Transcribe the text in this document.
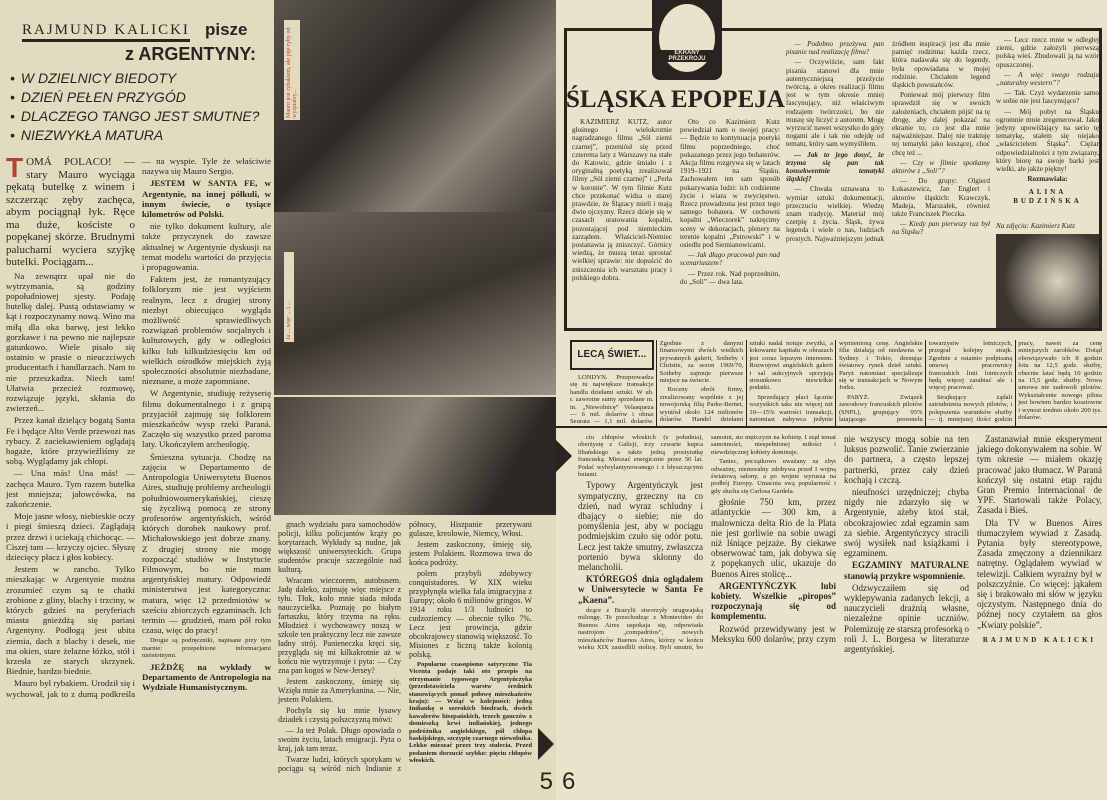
RAJMUND KALICKI pisze
z ARGENTYNY:
• W DZIELNICY BIEDOTY
• DZIEŃ PEŁEN PRZYGÓD
• DLACZEGO TANGO JEST SMUTNE?
• NIEZWYKŁA MATURA
Mauro jest rybakiem, ale pije ryby od wyspiarzy...
Ja ... więc ... i ...

TOMÁ POLACO! — stary Mauro wyciąga pękatą butelkę z winem i szczerząc zęby zachęca, abym pociągnął łyk. Ręce ma duże, kościste o popękanej skórze. Brudnymi paluchami wyciera szyjkę butelki. Pociągam...

Na zewnątrz upał nie do wytrzymania, są godziny popołudniowej sjesty. Podaję butelkę dalej. Pustą odstawiamy w kąt i rozpoczynamy nową. Wino ma miłą dla oka barwę, jest lekko gorzkawe i na pewno nie najlepsze gatunkowo. Wiele pisało się ostatnio w prasie o nieuczciwych producentach i handlarzach. Nam to nie przeszkadza. Niech tam! Ułatwia przecież rozmowę, rozwiązuje języki, skłania do zwierzeń...

Przez kanał dzielący bogatą Santa Fe i będące Alto Verde przewozi nas rybacy. Z zaciekawieniem oglądają bagaże, które przywieźliśmy ze sobą. Wyglądamy jak chłopi.

— Una más! Una más! — zachęca Mauro. Tym razem butelka jest mniejsza; jałowcówka, na zakończenie.

Moje jasne włosy, niebieskie oczy i piegi śmieszą dzieci. Zaglądają przez drzwi i uciekają chichocąc. — Ciszej tam — krzyczy ojciec. Słyszę dziecięcy płacz i głos kobiecy.

Jestem w rancho. Tylko mieszkając w Argentynie można zrozumieć czym są te chatki zrobione z gliny, blachy i trzciny, w których gdzieś na peryferiach miasta gnieżdżą się pariasi Argentyny. Podłogą jest ubita ziemia, dach z blachy i desek, nie ma okien, stare żelazne łóżko, stół i krzesła ze starych skrzynek. Biednie, bardzo biednie.

Mauro był rybakiem. Urodził się i wychował, jak to z dumą podkreśla — na wyspie. Tyle że właściwie nazywa się Mauro Sergio.

JESTEM W SANTA FE, w Argentynie, na innej półkuli, w innym świecie, o tysiące kilometrów od Polski.

nie tylko dokument kultury, ale także przyczynek do zawsze aktualnej w Argentynie dyskusji na temat modelu wartości do przyjęcia i propagowania.

Faktem jest, że romantyzujący folkloryzm nie jest wyjściem realnym, lecz z drugiej strony niezbyt obiecująco wygląda możliwość sprawiedliwych rozwiązań problemów socjalnych i kulturowych, gdy w odległości kilku lub kilkudziesięciu km od wielkich ośrodków miejskich żyją społeczności absolutnie niezbadane, nieznane, a może zapomniane.

W Argentynie, studiuję reżyserię filmu dokumentalnego i z grupą przyjaciół zajmuję się folklorem mieszkańców wysp rzeki Paraná. Zaczęło się wszystko przed paroma laty. Ukończyłem archeologię.

Śmieszna sytuacja. Chodzę na zajęcia w Departamento de Antropologia Uniwersytetu Buenos Aires, studiuję problemy archeologii południowoamerykańskiej, cieszę się życzliwą pomocą ze strony profesorów argentyńskich, wśród których dorobek naukowy prof. Michałowskiego jest dobrze znany. Z drugiej strony nie mogę rozpocząć studiów w Instytucie Filmowym, bo nie mam argentyńskiej matury. Odpowiedź ministerstwa jest kategoryczna: matura, więc 12 przedmiotów w sześciu zbiorczych egzaminach. Ich termin — grudzień, mam pół roku czasu, więc do pracy!

Drogie są podręczniki, napisane przy tym marnie: przepełnione informacjami nieistotnymi.

JEŻDŻĘ na wykłady w Departamento de Antropologia na Wydziale Humanistycznym.

gnach wydziału para samochodów policji, kilku policjantów krąży po korytarzach. Wykłady są nudne, jak większość uniwersyteckich. Grupa studentów pracuje szczególnie nad kulturą.

Wracam wieczorem, autobusem. Jadę daleko, zajmuję więc miejsce z tyłu. Tłok, koło mnie siada młoda nauczycielka. Poznaję po białym fartuszku, który trzyma na ręku. Młodzież i wychowawcy noszą w szkole ten praktyczny lecz nie zawsze ładny strój. Panieneczka kręci się, przygląda się mi kilkakrotnie aż w końcu nie wytrzymuje i pyta: — Czy zna pan kogoś w New-Jersey?

Jestem zaskoczony, śmieję się. Wzięła mnie za Amerykanina. — Nie, jestem Polakiem.

Pochyla się ku mnie łysawy dziadek i czystą polszczyzną mówi:

— Ja też Polak. Długo opowiada o swoim życiu, latach emigracji. Pyta o kraj, jak tam teraz.

Twarze ludzi, których spotykam w pociągu są wśród nich Indianie z północy, Hiszpanie przerywani gulasze, kreolowie, Niemcy, Włosi.

Jestem zaskoczony, śmieję się, jestem Polakiem. Rozmowa trwa do końca podróży.

polem przybyli zdobywcy conquistadores. W XIX wieku przypłynęła wielka fala imigracyjna z Europy; około 6 milionów gringos. W 1914 roku 1/3 ludności to cudzoziemcy — obecnie tylko 7%. Lecz jest prowincja, gdzie obcokrajowcy stanowią większość. To Misiones z liczną także kolonią polską.

Popularne czasopismo satyryczne Tia Vicenta podaje taki oto przepis na otrzymanie typowego Argentyńczyka (przedstawiciela warstw średnich stanowiących ponad połowę mieszkańców kraju): — Wziąć w kolejności: jedną Indiankę o szerokich biodrach, dwóch kawalerów hiszpańskich, trzech gauczów z domieszką krwi indiańskiej, jednego podróżnika angielskiego, pół chłopa baskijskiego, szczyptę czarnego niewolnika. Lekko mieszać przez trzy stulecia. Przed podaniem dorzucić szybko: pięciu chłopów włoskich.

5
EKRANY PRZEKROJU
ŚLĄSKA EPOPEJA

KAZIMIERZ KUTZ, autor głośnego i wielokrotnie nagradzanego filmu „Sól ziemi czarnej”, przeniósł się przed czterema laty z Warszawy na stałe do Katowic, gdzie śmiało i z oryginalną poetyką zrealizował filmy „Sól ziemi czarnej” i „Perła w koronie”. W tym filmie Kutz chce przekonać widza o starej prawdzie, że Ślązacy mieli i mają dwie ojczyzny. Rzecz dzieje się w czasach uratowania kopalni, pozostającej pod niemieckim zarządem. Właściciel-Niemiec postanawia ją zniszczyć. Górnicy wiedzą, że muszą teraz sprostać wielkiej sprawie: nie dopuścić do zniszczenia ich warsztatu pracy i polskiego dobra.

Oto co Kazimierz Kutz powiedział nam o swojej pracy: — Będzie to kontynuacja poetyki filmu poprzedniego, choć pokazanego przez jego bohaterów. Akcja filmu rozgrywa się w latach 1919–1921 na Śląsku. Zachowałem ten sam sposób pokazywania ludzi: ich codzienne życie i wiara w zwycięstwo. Rzecz prowadzona jest przez tego samego bohatera. W cechowni kopalni „Wieczorek” nakręcimy sceny w dekoracjach, plenery na terenie kopalni „Pstrowski” i w osiedlu pod Siemianowicami.

— Jak długo pracował pan nad scenariuszem?

— Przez rok. Nad poprzednim, do „Soli” — dwa lata.

— Podobno przeżywa pan pisanie nad realizację filmu?

— Oczywiście, sam fakt pisania stanowi dla mnie autentyczniejszą przeżycie twórczą, a okres realizacji filmu jest w tym okresie mniej fascynujący, niż właściwym rodzajem twórczości, bo nie muszę się liczyć z autorem. Mogę wyrzucić nawet wszystko do góry nogami ale i tak nie odejdę od tematu, który sam wymyśliłem.

— Jak to jego dosyć, że trzyma się pan tak konsekwentnie tematyki śląskiej?

— Chwała uznawana to wymiar sztuki dokumentacji, przeczuciu wielkiej. Wiedzę znam tradycję. Materiał mój czerpię z życia. Śląsk, żywa legenda i wiele o nas, ludziach prostych. Najważniejszym jednak źródłem inspiracji jest dla mnie pamięć rodzinna: każda rzecz, która nadawała się do legendy, była opowiadana w mojej rodzinie. Chciałem legend śląskich powstańców.

Ponieważ mój pierwszy film sprawdził się w swoich założeniach, chciałem pójść na tę drogę, aby dalej pokazać na ekranie to, co jest dla mnie najważniejsze. Dalej nie traktuję tej tematyki jako kuszącej, choć chcę też ...

— Czy w filmie spotkamy aktorów z „Soli”?

— Do grupy: Olgierd Łukaszewicz, Jan Englert i aktorów śląskich: Krawczyk, Madeja, Marszałek, również także Franciszek Pieczka.

— Kiedy pan pierwszy raz był na Śląsku?

— Lecz rzecz mnie w odległej ziemi, gdzie założyli pierwszą polską wieś. Zbudowali ją na wzór opuszczonej.

— A więc swego rodzaju „naturalny western”?

— Tak. Czyż wydarzenie samo w sobie nie jest fascynujące?

— Mój pobyt na Śląsku ogromnie mnie zregenerował. Jako jedyny upowiślający na serio tę tematykę, stałem się niejako „właścicielem Śląska”. Ciężar odpowiedzialności z tym związany, który biorę na swoje barki jest wielki, ale jakże piękny!

Rozmawiała:
ALINA BUDZIŃSKA
Na zdjęciu: Kazimierz Kutz
LECĄ ŚWIET...

LONDYN. Przeprowadza się tu największe transakcje handlu dziełami sztuki. W ub. r. zawrotne sumy sprzedane m. in. „Niewolnicę” Velasqueza — 6 mil. dolarów i obraz Seurata — 1,1 mil. dolarów. Zgodnie z danymi finansowymi dwóch wielkich prywatnych galerii, Sotheby i Christie, za sezon 1969/70, Sotheby zajmuje pierwsze miejsce na świecie.

Roczny obrót firmy, zrealizowany wspólnie z jej nowojorską filią Parke-Bernet, wyniósł około 124 milionów dolarów. Handel dziełami sztuki nadal notuje zwyżki, a lokowanie kapitału w obrazach jest coraz lepszym interesem. Rozwojowi angielskich galerii i sal aukcyjnych sprzyjają stosunkowo niewielkie podatki.

Sprzedający płaci łącznie wszystkich taks nie więcej niż 10—15% wartości transakcji, natomiast nabywca jedynie wymienioną cenę. Angielskie filie działają od niedawna w Sydney i Tokio, drenując światowy rynek dzieł sztuki. Paryż natomiast specjalizuje się w transakcjach w Nowym Jorku.

PARYŻ. Związek zawodowy francuskich pilotów (SNPL), grupujący 95% latającego personelu towarzystw lotniczych, przegrał kolejny strajk. Zgodnie z ostatnio podpisaną umową pracownicy francuskich linii lotniczych będą więcej zarabiać ale i więcej pracować.

Strajkujący żądali zatrudnienia nowych pilotów, i polepszenia warunków służby — tj. mniejszej ilości godzin pracy, nawet za cenę mniejszych zarobków. Dotąd obowiązywało ich 8 godzin lotu na 12,5 godz. służby, obecnie latać będą 10 godzin na 15,5 godz. służby. Nowa umowa nie zadowoli pilotów. Wykształcenie nowego pilota jest bowiem bardzo kosztowne i wynosi średnio około 200 tys. dolarów.

ciu chłopów włoskich (z południa), oberżystę z Galicji, trzy czwarte kupca libańskiego a także jedną prostytutkę francuską. Mieszać energicznie przez 50 lat. Podać wybrylantynowanego i z błyszczącymi butami.

Typowy Argentyńczyk jest sympatyczny, grzeczny na co dzień, nad wyraz schludny i dbający o siebie; nie do pomyślenia jest, aby w pociągu podmiejskim czuło się odór potu. Lecz jest także smutny, zwłaszcza portenio bywa skłonny do melancholii.

KTÓREGOŚ dnia oglądałem w Uniwersytecie w Santa Fe „Kaena”.

dzące z Brazylii stworzyły urugwajską milongę. Te przechodząc z Montevideo do Buenos Aires uspokaja się, odpowiada nastrojom „compadritos”, nowych mieszkańców Buenos Aires, którzy w końcu wieku XIX zasiedlili stolicę. Byli smutni, bo samotni, sto mężczyzn na kobietę. I stąd temat samotności, niespełnionej miłości i niewdzięcznej kobiety dominuje.

Taniec, początkowo uważany za zbyt odważny, niemoralny zdobywa przed I wojną światową salony, a po wojnie wyrusza na podbój Europy. Umacnia swą popularność i gdy słucha się Carlosa Gardela.

głośnie 750 km, przez atlantyckie — 300 km, a malownicza delta Rio de la Plata nie jest gorliwie na sobie uwagi niż lśniące pejzaże. By ciekawe obserwować tam, jak dobywa się z popękanych ulic, ukazuje do Buenos Aires stolicę...

ARGENTYŃCZYK lubi kobiety. Wszelkie „piropos” rozpoczynają się od komplementu.

Rozwód przewidywany jest w Meksyku 600 dolarów, przy czym nie wszyscy mogą sobie na ten luksus pozwolić. Tanie zwierzanie do partnera, a często lepszej partnerki, przez cały dzień kochają i czczą.

nieufności urzędniczej; chyba nigdy nie zdarzyło się w Argentynie, ażeby ktoś stał, obcokrajowiec zdał egzamin sam za siebie. Argentyńczycy stracili swój wysiłek nad książkami i egzaminem.

EGZAMINY MATURALNE stanowią przykre wspomnienie.

Odzwyczaiłem się od wyklepywania zadanych lekcji, a nauczycieli drażnią własne, niezależne opinie uczniów. Polemizuję ze starszą profesorką o roli J. L. Borgesa w literaturze argentyńskiej.

Zastanawiał mnie eksperyment jakiego dokonywałem na sobie. W tym okresie — miałem okazję pracować jako tłumacz. W Paraná kończył się ostatni etap rajdu Gran Premio Internacional de YPF. Startowali także Polacy, Zasada i Bieś.

Dla TV w Buenos Aires tłumaczyłem wywiad z Zasadą. Pytania były stereotypowe, Zasada zmęczony a dziennikarz natrętny. Oglądałem wywiad w telewizji. Całkiem wyraźny był w polszczyźnie. Co więcej: jąkałem się i brakowało mi słów w języku ojczystym. Następnego dnia do późnej nocy czytałem na głos „Kwiaty polskie”.

RAJMUND KALICKI
6
